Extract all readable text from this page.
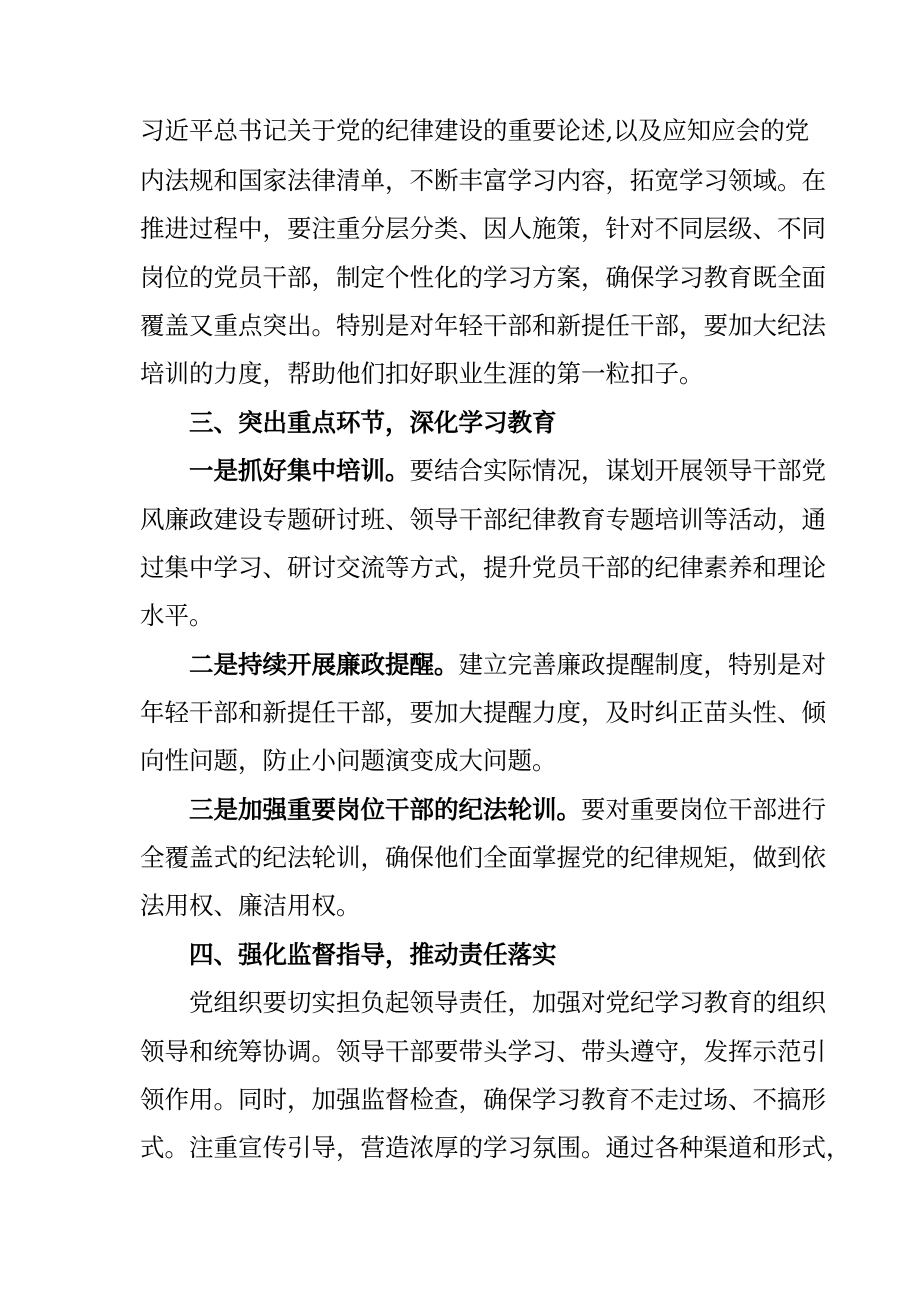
习近平总书记关于党的纪律建设的重要论述,以及应知应会的党
内法规和国家法律清单，不断丰富学习内容，拓宽学习领域。在
推进过程中，要注重分层分类、因人施策，针对不同层级、不同
岗位的党员干部，制定个性化的学习方案，确保学习教育既全面
覆盖又重点突出。特别是对年轻干部和新提任干部，要加大纪法
培训的力度，帮助他们扣好职业生涯的第一粒扣子。
三、突出重点环节，深化学习教育
一是抓好集中培训。要结合实际情况，谋划开展领导干部党
风廉政建设专题研讨班、领导干部纪律教育专题培训等活动，通
过集中学习、研讨交流等方式，提升党员干部的纪律素养和理论
水平。
二是持续开展廉政提醒。建立完善廉政提醒制度，特别是对
年轻干部和新提任干部，要加大提醒力度，及时纠正苗头性、倾
向性问题，防止小问题演变成大问题。
三是加强重要岗位干部的纪法轮训。要对重要岗位干部进行
全覆盖式的纪法轮训，确保他们全面掌握党的纪律规矩，做到依
法用权、廉洁用权。
四、强化监督指导，推动责任落实
党组织要切实担负起领导责任，加强对党纪学习教育的组织
领导和统筹协调。领导干部要带头学习、带头遵守，发挥示范引
领作用。同时，加强监督检查，确保学习教育不走过场、不搞形
式。注重宣传引导，营造浓厚的学习氛围。通过各种渠道和形式，
